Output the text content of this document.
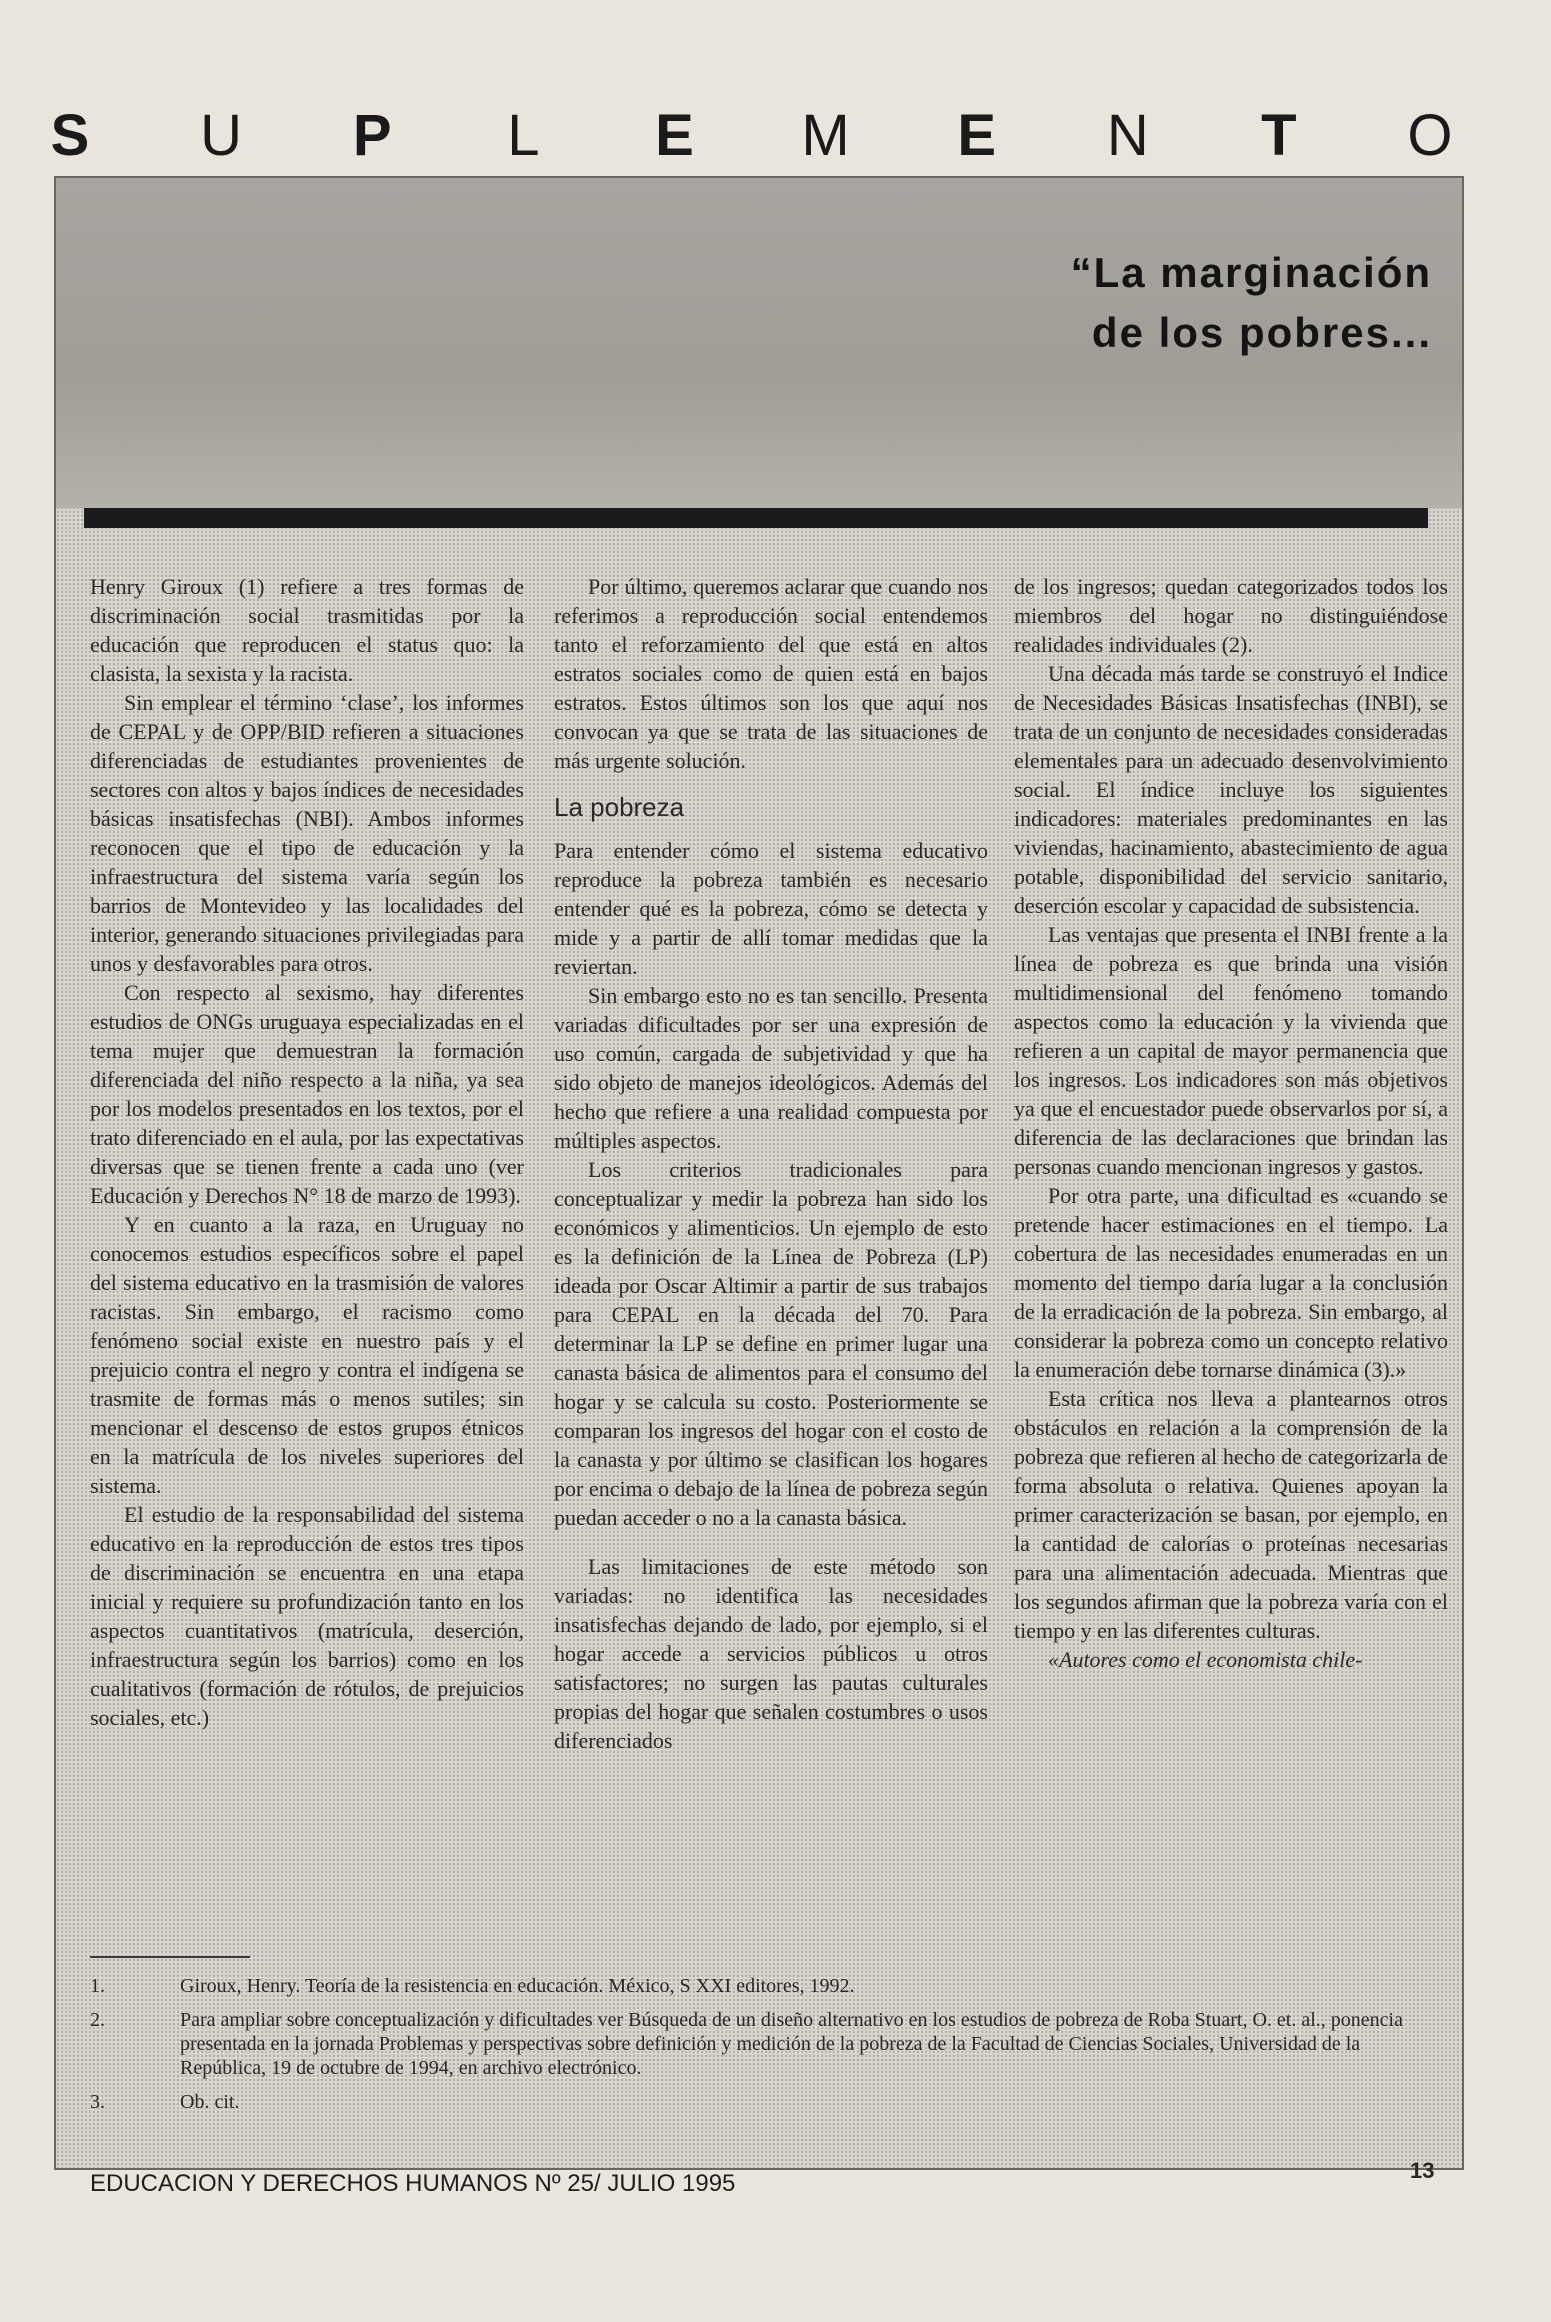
S U P L E M E N T O
“La marginación
de los pobres...

Henry Giroux (1) refiere a tres formas de discriminación social trasmitidas por la educación que reproducen el status quo: la clasista, la sexista y la racista.

Sin emplear el término ‘clase’, los informes de CEPAL y de OPP/BID refieren a situaciones diferenciadas de estudiantes provenientes de sectores con altos y bajos índices de necesidades básicas insatisfechas (NBI). Ambos informes reconocen que el tipo de educación y la infraestructura del sistema varía según los barrios de Montevideo y las localidades del interior, generando situaciones privilegiadas para unos y desfavorables para otros.

Con respecto al sexismo, hay diferentes estudios de ONGs uruguaya especializadas en el tema mujer que demuestran la formación diferenciada del niño respecto a la niña, ya sea por los modelos presentados en los textos, por el trato diferenciado en el aula, por las expectativas diversas que se tienen frente a cada uno (ver Educación y Derechos N° 18 de marzo de 1993).

Y en cuanto a la raza, en Uruguay no conocemos estudios específicos sobre el papel del sistema educativo en la trasmisión de valores racistas. Sin embargo, el racismo como fenómeno social existe en nuestro país y el prejuicio contra el negro y contra el indígena se trasmite de formas más o menos sutiles; sin mencionar el descenso de estos grupos étnicos en la matrícula de los niveles superiores del sistema.

El estudio de la responsabilidad del sistema educativo en la reproducción de estos tres tipos de discriminación se encuentra en una etapa inicial y requiere su profundización tanto en los aspectos cuantitativos (matrícula, deserción, infraestructura según los barrios) como en los cualitativos (formación de rótulos, de prejuicios sociales, etc.)

Por último, queremos aclarar que cuando nos referimos a reproducción social entendemos tanto el reforzamiento del que está en altos estratos sociales como de quien está en bajos estratos. Estos últimos son los que aquí nos convocan ya que se trata de las situaciones de más urgente solución.

La pobreza

Para entender cómo el sistema educativo reproduce la pobreza también es necesario entender qué es la pobreza, cómo se detecta y mide y a partir de allí tomar medidas que la reviertan.

Sin embargo esto no es tan sencillo. Presenta variadas dificultades por ser una expresión de uso común, cargada de subjetividad y que ha sido objeto de manejos ideológicos. Además del hecho que refiere a una realidad compuesta por múltiples aspectos.

Los criterios tradicionales para conceptualizar y medir la pobreza han sido los económicos y alimenticios. Un ejemplo de esto es la definición de la Línea de Pobreza (LP) ideada por Oscar Altimir a partir de sus trabajos para CEPAL en la década del 70. Para determinar la LP se define en primer lugar una canasta básica de alimentos para el consumo del hogar y se calcula su costo. Posteriormente se comparan los ingresos del hogar con el costo de la canasta y por último se clasifican los hogares por encima o debajo de la línea de pobreza según puedan acceder o no a la canasta básica.

Las limitaciones de este método son variadas: no identifica las necesidades insatisfechas dejando de lado, por ejemplo, si el hogar accede a servicios públicos u otros satisfactores; no surgen las pautas culturales propias del hogar que señalen costumbres o usos diferenciados

de los ingresos; quedan categorizados todos los miembros del hogar no distinguiéndose realidades individuales (2).

Una década más tarde se construyó el Indice de Necesidades Básicas Insatisfechas (INBI), se trata de un conjunto de necesidades consideradas elementales para un adecuado desenvolvimiento social. El índice incluye los siguientes indicadores: materiales predominantes en las viviendas, hacinamiento, abastecimiento de agua potable, disponibilidad del servicio sanitario, deserción escolar y capacidad de subsistencia.

Las ventajas que presenta el INBI frente a la línea de pobreza es que brinda una visión multidimensional del fenómeno tomando aspectos como la educación y la vivienda que refieren a un capital de mayor permanencia que los ingresos. Los indicadores son más objetivos ya que el encuestador puede observarlos por sí, a diferencia de las declaraciones que brindan las personas cuando mencionan ingresos y gastos.

Por otra parte, una dificultad es «cuando se pretende hacer estimaciones en el tiempo. La cobertura de las necesidades enumeradas en un momento del tiempo daría lugar a la conclusión de la erradicación de la pobreza. Sin embargo, al considerar la pobreza como un concepto relativo la enumeración debe tornarse dinámica (3).»

Esta crítica nos lleva a plantearnos otros obstáculos en relación a la comprensión de la pobreza que refieren al hecho de categorizarla de forma absoluta o relativa. Quienes apoyan la primer caracterización se basan, por ejemplo, en la cantidad de calorías o proteínas necesarias para una alimentación adecuada. Mientras que los segundos afirman que la pobreza varía con el tiempo y en las diferentes culturas.

«Autores como el economista chile-

1.	Giroux, Henry. Teoría de la resistencia en educación. México, S XXI editores, 1992.
2.	Para ampliar sobre conceptualización y dificultades ver Búsqueda de un diseño alternativo en los estudios de pobreza de Roba Stuart, O. et. al., ponencia presentada en la jornada Problemas y perspectivas sobre definición y medición de la pobreza de la Facultad de Ciencias Sociales, Universidad de la República, 19 de octubre de 1994, en archivo electrónico.
3.	Ob. cit.
EDUCACION Y DERECHOS HUMANOS Nº 25/ JULIO 1995	13
